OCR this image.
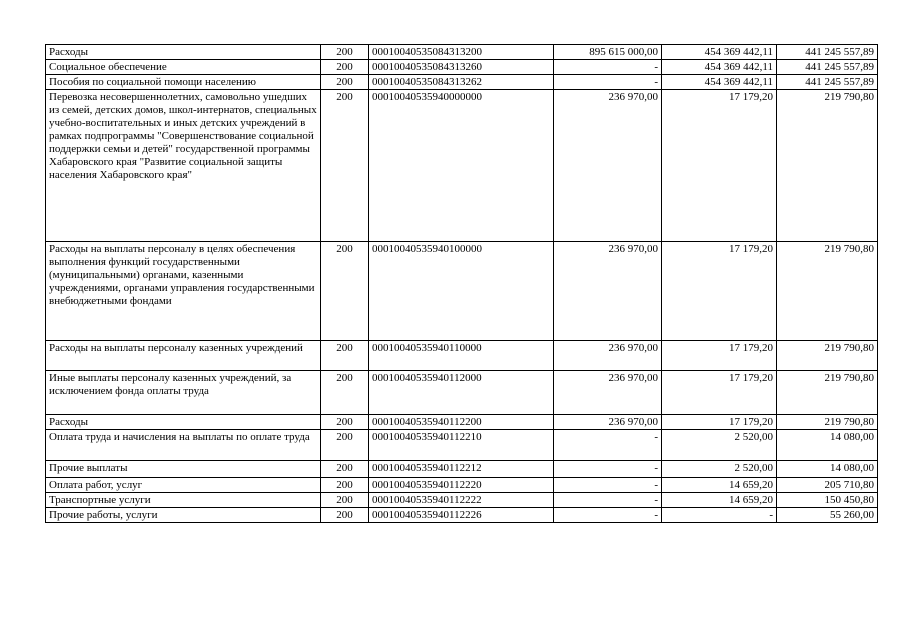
Расходы	200	00010040535084313200	895 615 000,00	454 369 442,11	441 245 557,89
Социальное обеспечение	200	00010040535084313260	-	454 369 442,11	441 245 557,89
Пособия по социальной помощи населению	200	00010040535084313262	-	454 369 442,11	441 245 557,89
Перевозка несовершеннолетних, самовольно ушедших из семей, детских домов, школ-интернатов, специальных учебно-воспитательных и иных детских учреждений в рамках подпрограммы "Совершенствование социальной поддержки семьи и детей" государственной программы Хабаровского края "Развитие социальной защиты населения Хабаровского края"	200	00010040535940000000	236 970,00	17 179,20	219 790,80
Расходы на выплаты персоналу в целях обеспечения выполнения функций государственными (муниципальными) органами, казенными учреждениями, органами управления государственными внебюджетными фондами	200	00010040535940100000	236 970,00	17 179,20	219 790,80
Расходы на выплаты персоналу казенных учреждений	200	00010040535940110000	236 970,00	17 179,20	219 790,80
Иные выплаты персоналу казенных учреждений, за исключением фонда оплаты труда	200	00010040535940112000	236 970,00	17 179,20	219 790,80
Расходы	200	00010040535940112200	236 970,00	17 179,20	219 790,80
Оплата труда и начисления на выплаты по оплате труда	200	00010040535940112210	-	2 520,00	14 080,00
Прочие выплаты	200	00010040535940112212	-	2 520,00	14 080,00
Оплата работ, услуг	200	00010040535940112220	-	14 659,20	205 710,80
Транспортные услуги	200	00010040535940112222	-	14 659,20	150 450,80
Прочие работы, услуги	200	00010040535940112226	-	-	55 260,00
